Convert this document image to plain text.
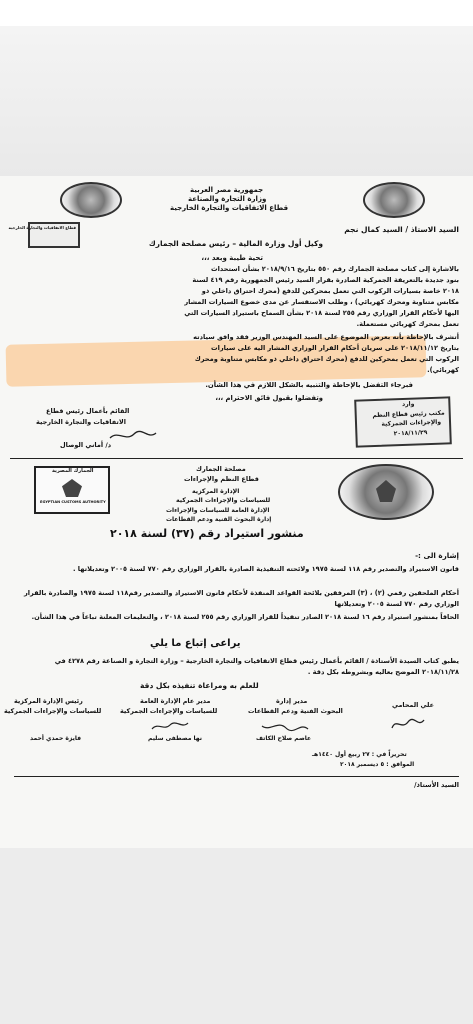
جمهورية مصر العربية
وزارة التجارة والصناعة
قطاع الاتفاقيات والتجارة الخارجية
قطاع الاتفاقيات والتجارة الخارجية	السيد الاستاذ / السيد كمال نجم
وكيل أول وزارة المالية – رئيس مصلحة الجمارك
تحية طيبة وبعد ،،،
بالاشارة إلى كتاب مصلحة الجمارك رقم ٥٥٠ بتاريخ ٢٠١٨/٩/١٦ بشأن استحداث
بنود جديدة بالتعريفة الجمركية الصادرة بقرار السيد رئيس الجمهورية رقم ٤١٩ لسنة
٢٠١٨ خاصة بسيارات الركوب التي تعمل بمحركين للدفع (محرك احتراق داخلي ذو
مكابس متناوبة ومحرك كهربائي) ، وطلب الاستفسار عن مدى خضوع السيارات المشار
اليها لأحكام القرار الوزاري رقم ٢٥٥ لسنة ٢٠١٨ بشأن السماح باستيراد السيارات التي
تعمل بمحرك كهربائي مستعملة.
أتشرف بالإحاطة بأنه بعرض الموضوع على السيد المهندس الوزير فقد وافق سيادته
بتاريخ ٢٠١٨/١١/١٢ على سريان أحكام القرار الوزاري المشار اليه على سيارات
الركوب التي تعمل بمحركين للدفع (محرك احتراق داخلي ذو مكابس متناوبة ومحرك
كهربائي).
فبرجاء التفضل بالإحاطة والتنبيه بالشكل اللازم في هذا الشأن.
وتفضلوا بقبول فائق الاحترام ،،،
القائم بأعمال رئيس قطاع
الاتفاقيات والتجارة الخارجية
د/ أماني الوصال
وارد
مكتب رئيس قطاع النظم
والإجراءات الجمركية
٢٠١٨/١١/٢٩
الجمارك المصرية
EGYPTIAN CUSTOMS AUTHORITY
مصلحة الجمارك
قطاع النظم والإجراءات
الإدارة المركزية
للسياسات والإجراءات الجمركية
الإدارة العامة للسياسات والإجراءات
إدارة البحوث الفنية ودعم القطاعات
منشور استيراد رقم (٣٧) لسنة ٢٠١٨
إشارة الى :-
قانون الاستيراد والتصدير رقم ١١٨ لسنة ١٩٧٥ ولائحته التنفيذية الصادرة بالقرار الوزاري رقم ٧٧٠ لسنة ٢٠٠٥ وتعديلاتها .
أحكام الملحقين رقمي (٢) ، (٣) المرفقين بلائحة القواعد المنفذة لأحكام قانون الاستيراد والتصدير رقم١١٨ لسنة ١٩٧٥ والصادرة بالقرار الوزاري رقم ٧٧٠ لسنة ٢٠٠٥ وتعديلاتها
الحاقاً بمنشور استيراد رقم ١٦ لسنة ٢٠١٨ الصادر تنفيذاً للقرار الوزاري رقم ٢٥٥ لسنة ٢٠١٨ ، والتعليمات المعلنة تباعاً في هذا الشأن.
يراعى إتباع ما يلي
يطبق كتاب السيدة الأستاذة / القائم بأعمال رئيس قطاع الاتفاقيات والتجارة الخارجية – وزارة التجارة و الصناعة رقم ٤٢٧٨ في ٢٠١٨/١١/٢٨ الموضح بعاليه وبشروطه بكل دقة .
للعلم به ومراعاة تنفيذه بكل دقة
رئيس الإدارة المركزية
للسياسات والإجراءات الجمركية
فايزة حمدي أحمد
مدير عام الإدارة العامة
للسياسات والإجراءات الجمركية
نها مصطفى سليم
مدير إدارة
البحوث الفنية ودعم القطاعات
عاصم صلاح الكاتف
علي المحامي
تحريراً في : ٢٧ ربيع أول ١٤٤٠هـ
الموافق : ٥ ديسمبر ٢٠١٨
السيد الأستاذ/
